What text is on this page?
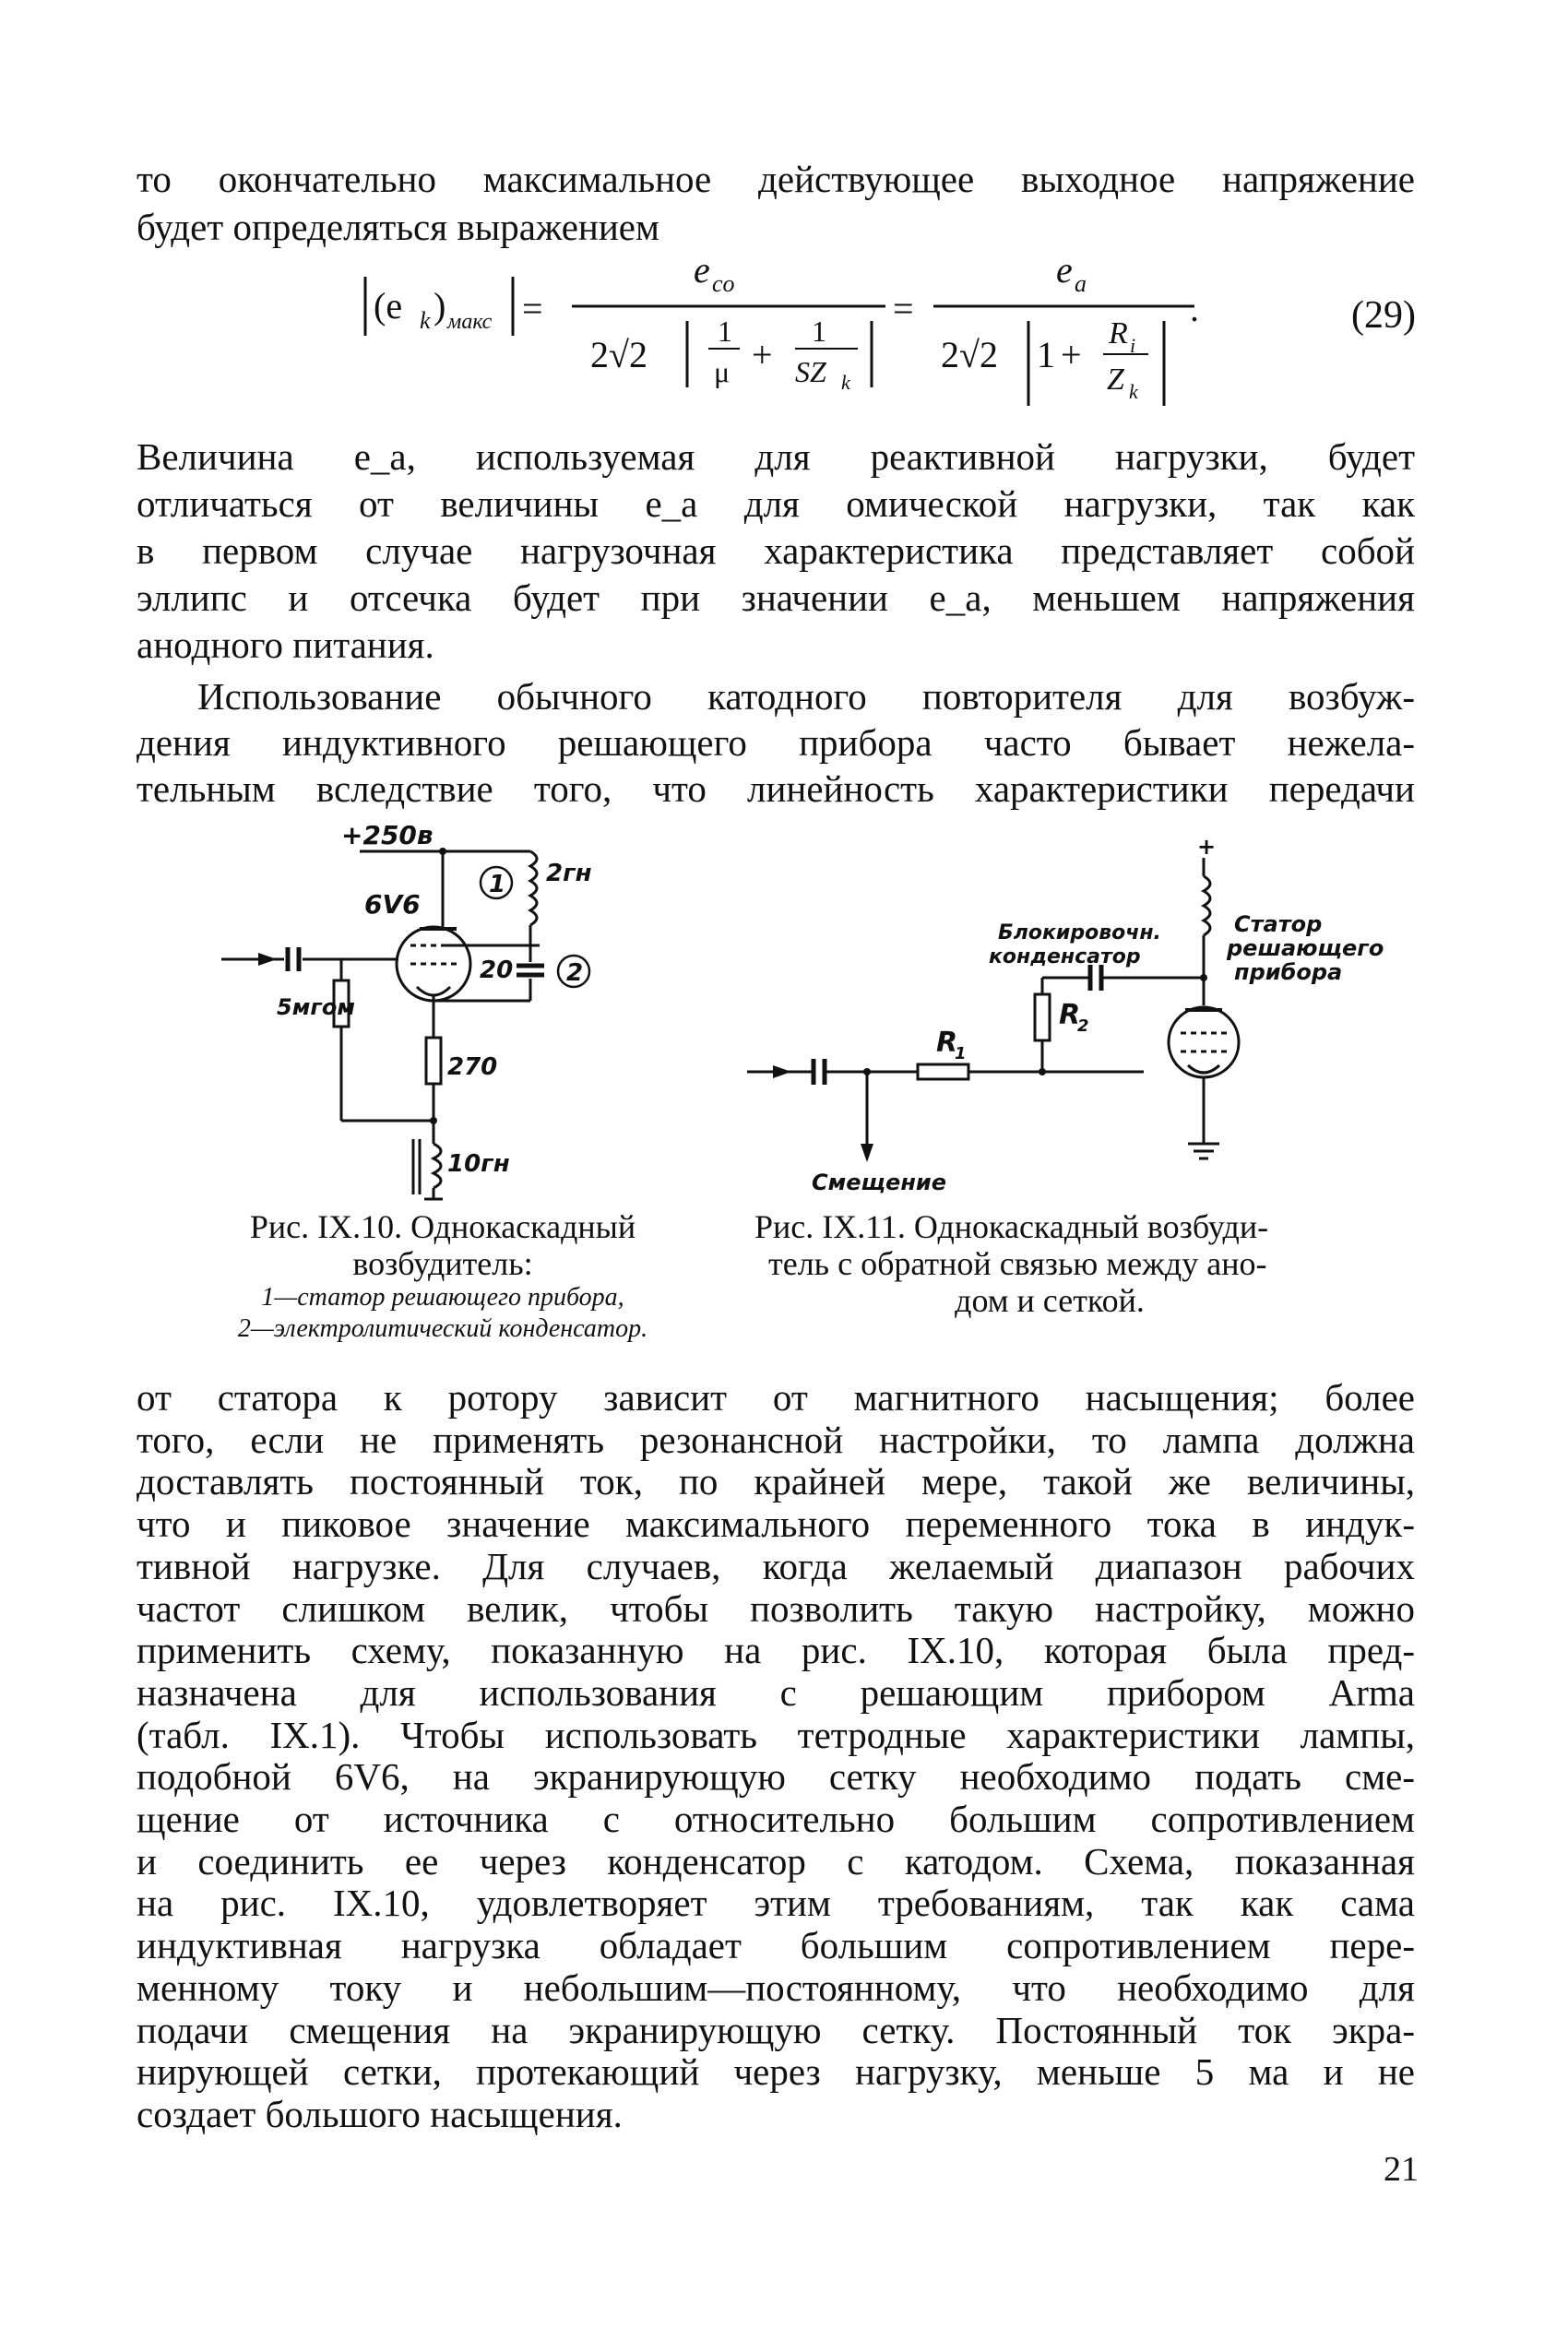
то окончательно максимальное действующее выходное напряжение
будет определяться выражением

(e k ) макс =
e co
2√2
1
μ +
1
SZ k
=
e a
2√2 1 +
R i
Z k
.	(29)

Величина e_a, используемая для реактивной нагрузки, будет
отличаться от величины e_a для омической нагрузки, так как
в первом случае нагрузочная характеристика представляет собой
эллипс и отсечка будет при значении e_a, меньшем напряжения
анодного питания.

Использование обычного катодного повторителя для возбуж-
дения индуктивного решающего прибора часто бывает нежела-
тельным вследствие того, что линейность характеристики передачи

+250в
6V6
2гн
20
5мгом
270
10гн
1
2
Рис. IX.10. Однокаскадный
возбудитель:
1—статор решающего прибора,
2—электролитический конденсатор.
+
Блокировочн.
конденсатор
Статор
решающего
прибора
R
1
R
2
Смещение
Рис. IX.11. Однокаскадный возбуди-
тель с обратной связью между ано-
дом и сеткой.

от статора к ротору зависит от магнитного насыщения; более
того, если не применять резонансной настройки, то лампа должна
доставлять постоянный ток, по крайней мере, такой же величины,
что и пиковое значение максимального переменного тока в индук-
тивной нагрузке. Для случаев, когда желаемый диапазон рабочих
частот слишком велик, чтобы позволить такую настройку, можно
применить схему, показанную на рис. IX.10, которая была пред-
назначена для использования с решающим прибором Arma
(табл. IX.1). Чтобы использовать тетродные характеристики лампы,
подобной 6V6, на экранирующую сетку необходимо подать сме-
щение от источника с относительно большим сопротивлением
и соединить ее через конденсатор с катодом. Схема, показанная
на рис. IX.10, удовлетворяет этим требованиям, так как сама
индуктивная нагрузка обладает большим сопротивлением пере-
менному току и небольшим—постоянному, что необходимо для
подачи смещения на экранирующую сетку. Постоянный ток экра-
нирующей сетки, протекающий через нагрузку, меньше 5 ма и не
создает большого насыщения.

21
